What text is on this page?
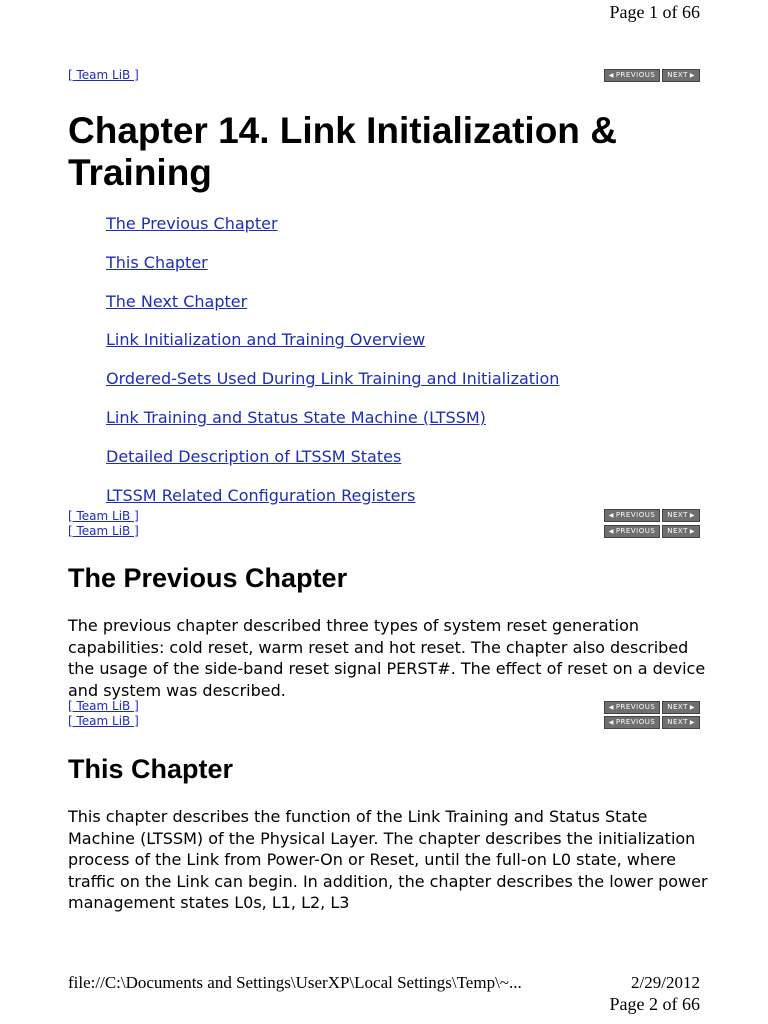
Page 1 of 66
[ Team LiB ]	◀ PREVIOUS NEXT ▶
Chapter 14. Link Initialization & Training
The Previous Chapter
This Chapter
The Next Chapter
Link Initialization and Training Overview
Ordered-Sets Used During Link Training and Initialization
Link Training and Status State Machine (LTSSM)
Detailed Description of LTSSM States
LTSSM Related Configuration Registers
[ Team LiB ]	◀ PREVIOUS NEXT ▶
[ Team LiB ]	◀ PREVIOUS NEXT ▶
The Previous Chapter

The previous chapter described three types of system reset generation capabilities: cold reset, warm reset and hot reset. The chapter also described the usage of the side-band reset signal PERST#. The effect of reset on a device and system was described.

[ Team LiB ]	◀ PREVIOUS NEXT ▶
[ Team LiB ]	◀ PREVIOUS NEXT ▶
This Chapter

This chapter describes the function of the Link Training and Status State Machine (LTSSM) of the Physical Layer. The chapter describes the initialization process of the Link from Power-On or Reset, until the full-on L0 state, where traffic on the Link can begin. In addition, the chapter describes the lower power management states L0s, L1, L2, L3

file://C:\Documents and Settings\UserXP\Local Settings\Temp\~...	2/29/2012
Page 2 of 66
